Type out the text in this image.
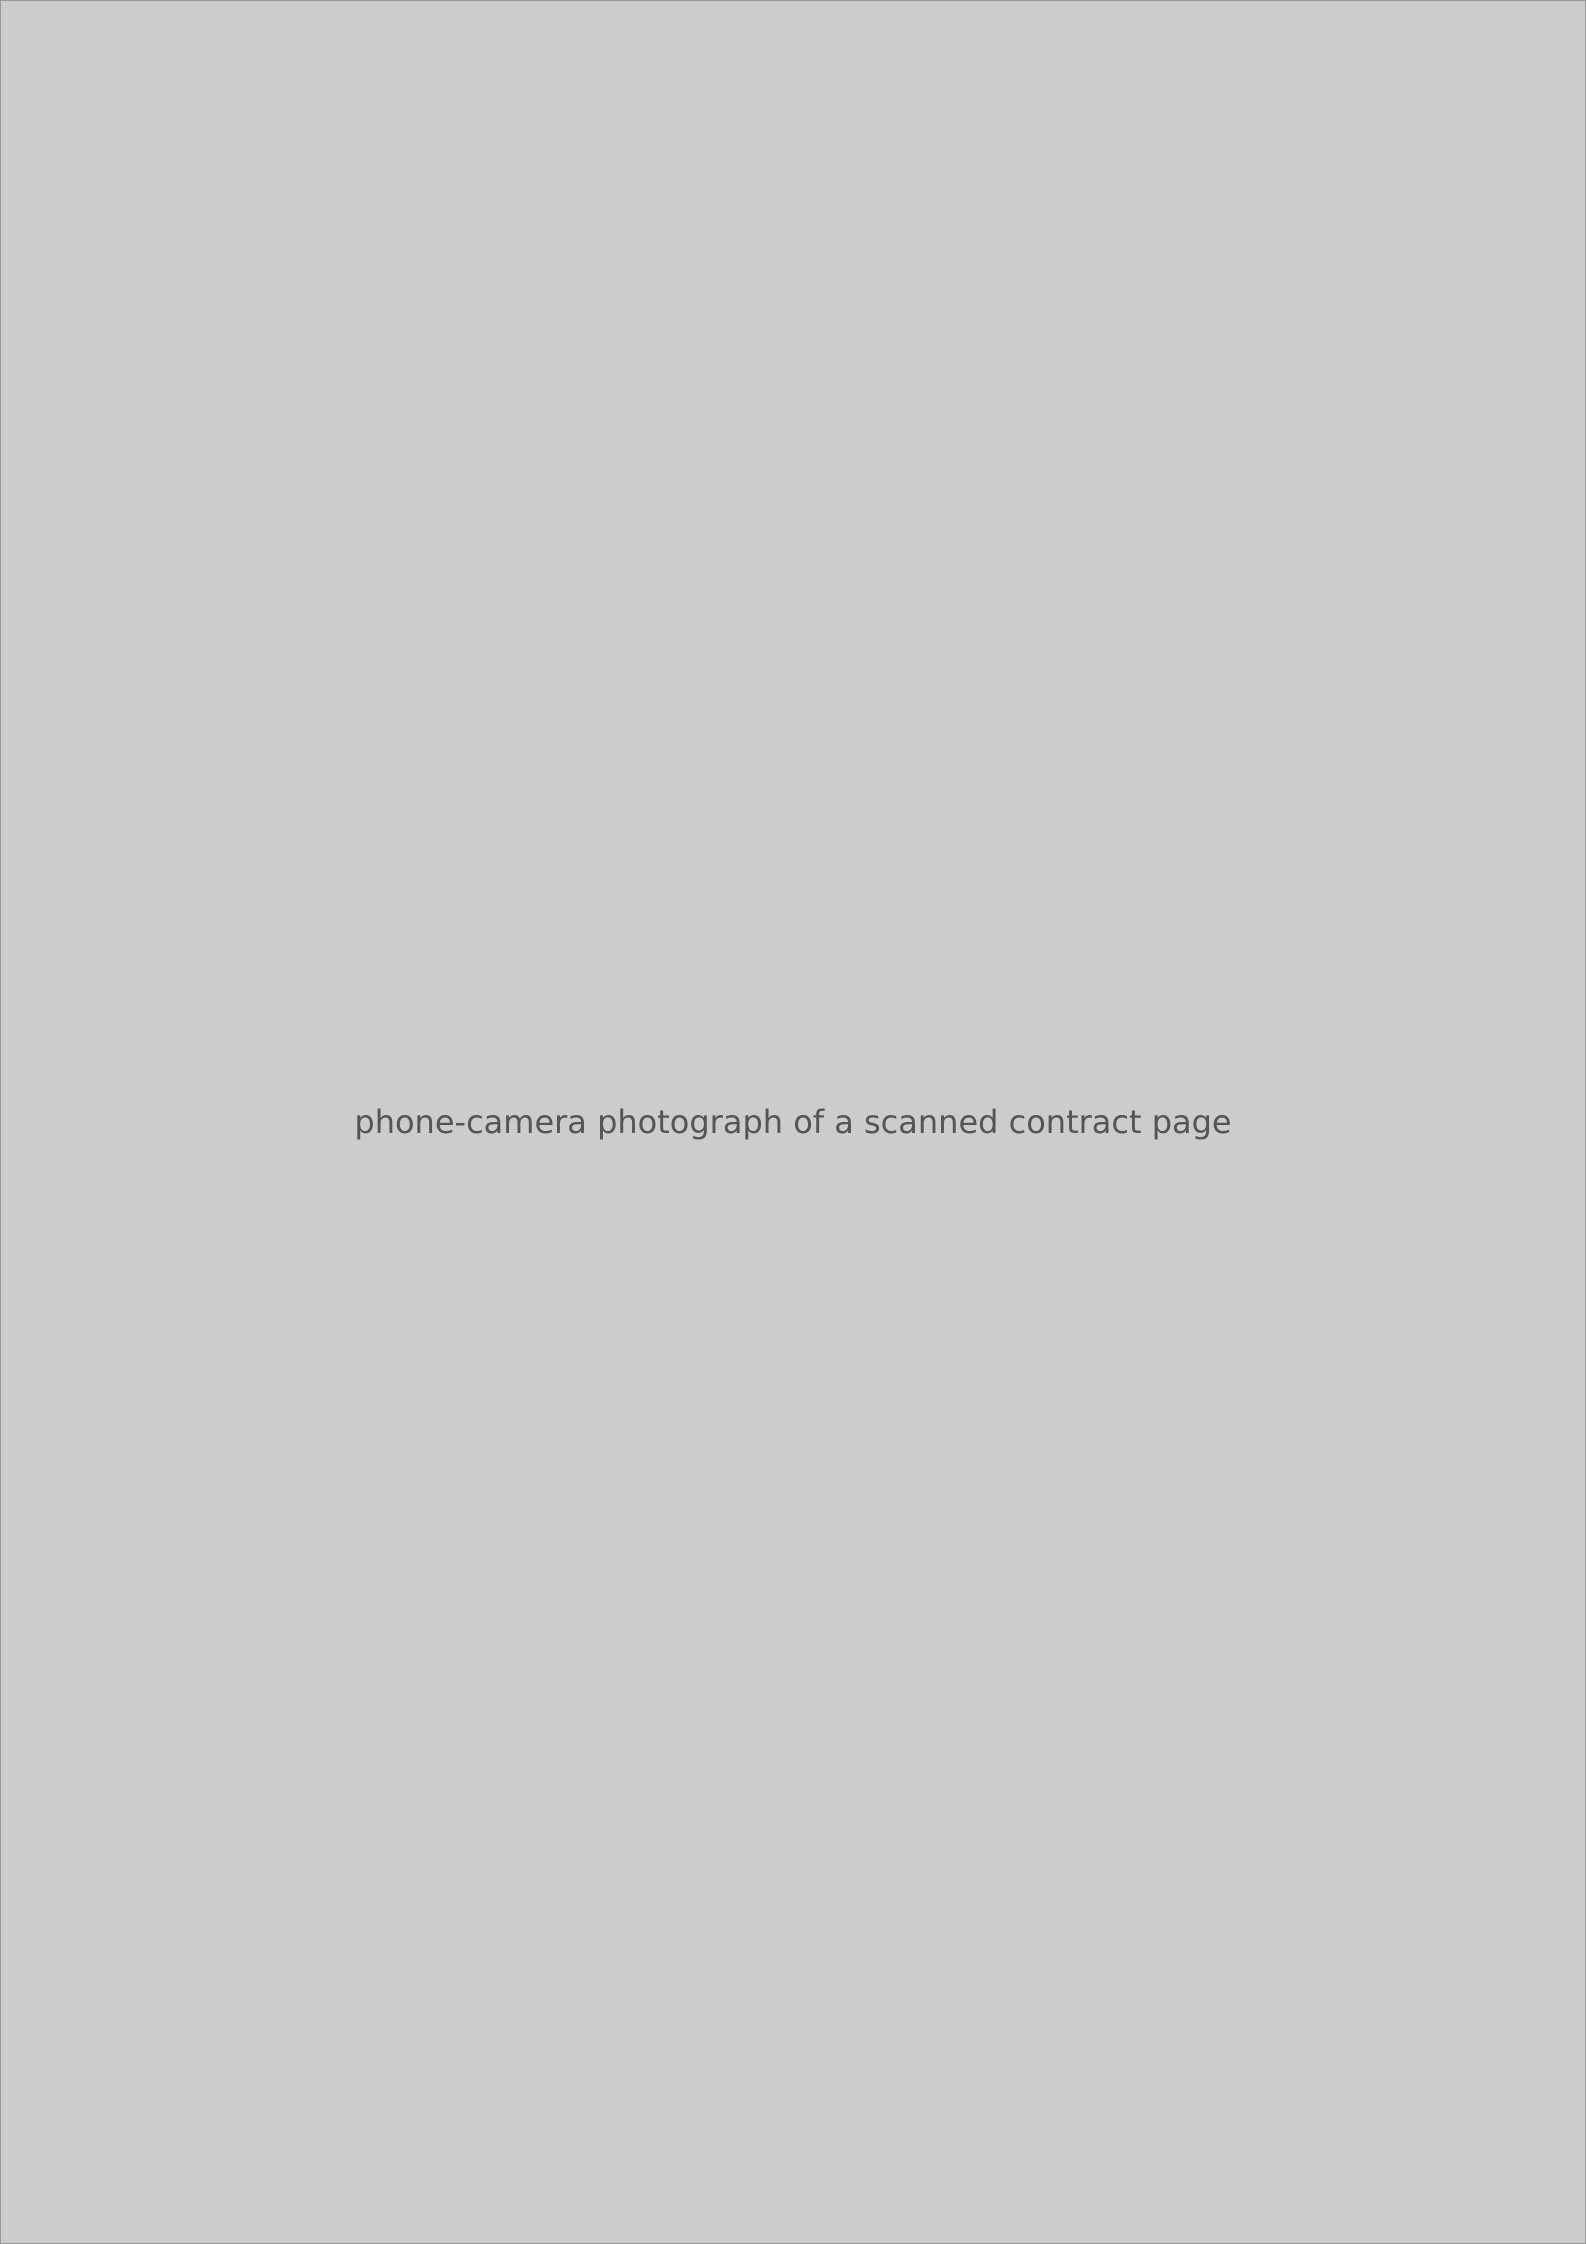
phone-camera photograph of a scanned contract page
